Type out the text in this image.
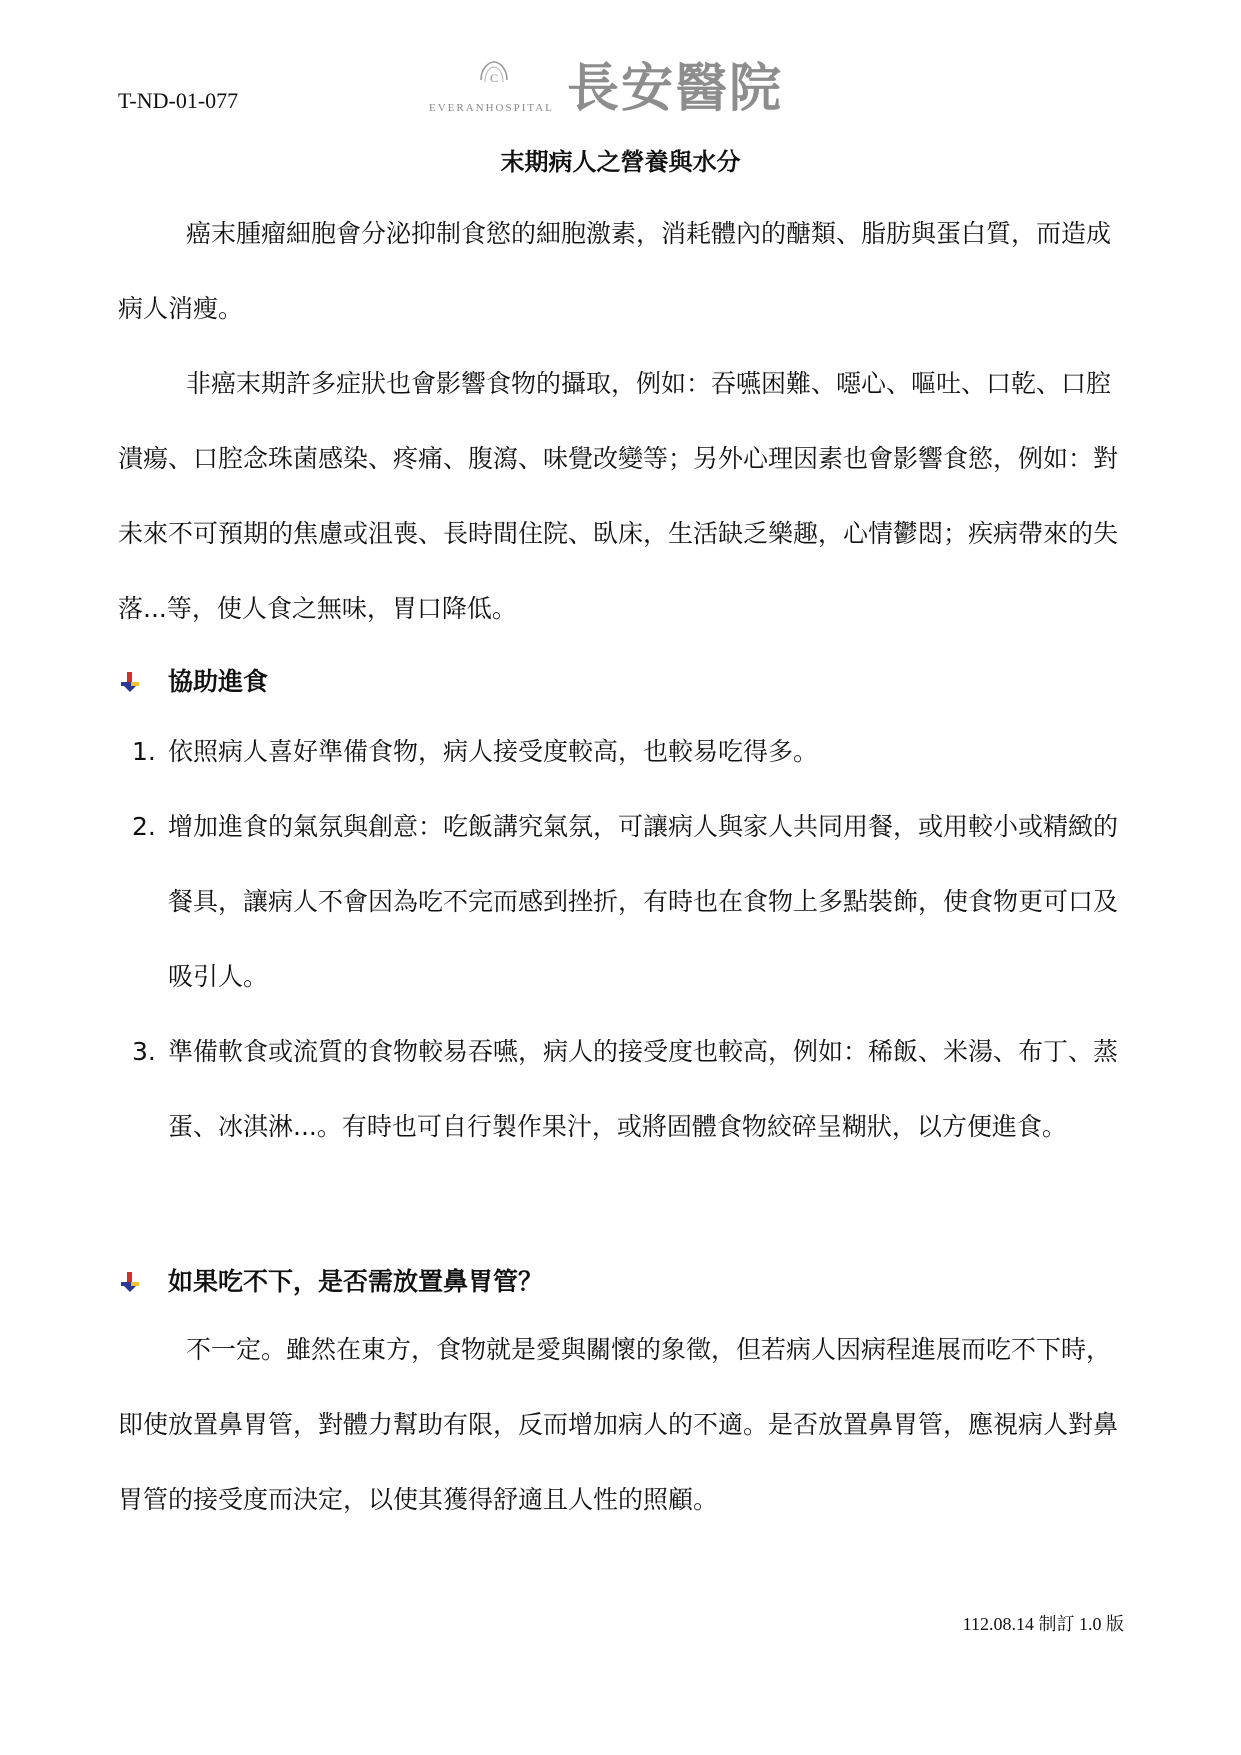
T-ND-01-077
C
EVERANHOSPITAL 長安醫院
末期病人之營養與水分

癌末腫瘤細胞會分泌抑制食慾的細胞激素，消耗體內的醣類、脂肪與蛋白質，而造成病人消瘦。

非癌末期許多症狀也會影響食物的攝取，例如：吞嚥困難、噁心、嘔吐、口乾、口腔潰瘍、口腔念珠菌感染、疼痛、腹瀉、味覺改變等；另外心理因素也會影響食慾，例如：對未來不可預期的焦慮或沮喪、長時間住院、臥床，生活缺乏樂趣，心情鬱悶；疾病帶來的失落...等，使人食之無味，胃口降低。

協助進食
1. 依照病人喜好準備食物，病人接受度較高，也較易吃得多。
2. 增加進食的氣氛與創意：吃飯講究氣氛，可讓病人與家人共同用餐，或用較小或精緻的餐具，讓病人不會因為吃不完而感到挫折，有時也在食物上多點裝飾，使食物更可口及吸引人。
3. 準備軟食或流質的食物較易吞嚥，病人的接受度也較高，例如：稀飯、米湯、布丁、蒸蛋、冰淇淋...。有時也可自行製作果汁，或將固體食物絞碎呈糊狀，以方便進食。
如果吃不下，是否需放置鼻胃管？

不一定。雖然在東方，食物就是愛與關懷的象徵，但若病人因病程進展而吃不下時，即使放置鼻胃管，對體力幫助有限，反而增加病人的不適。是否放置鼻胃管，應視病人對鼻胃管的接受度而決定，以使其獲得舒適且人性的照顧。

112.08.14 制訂 1.0 版
